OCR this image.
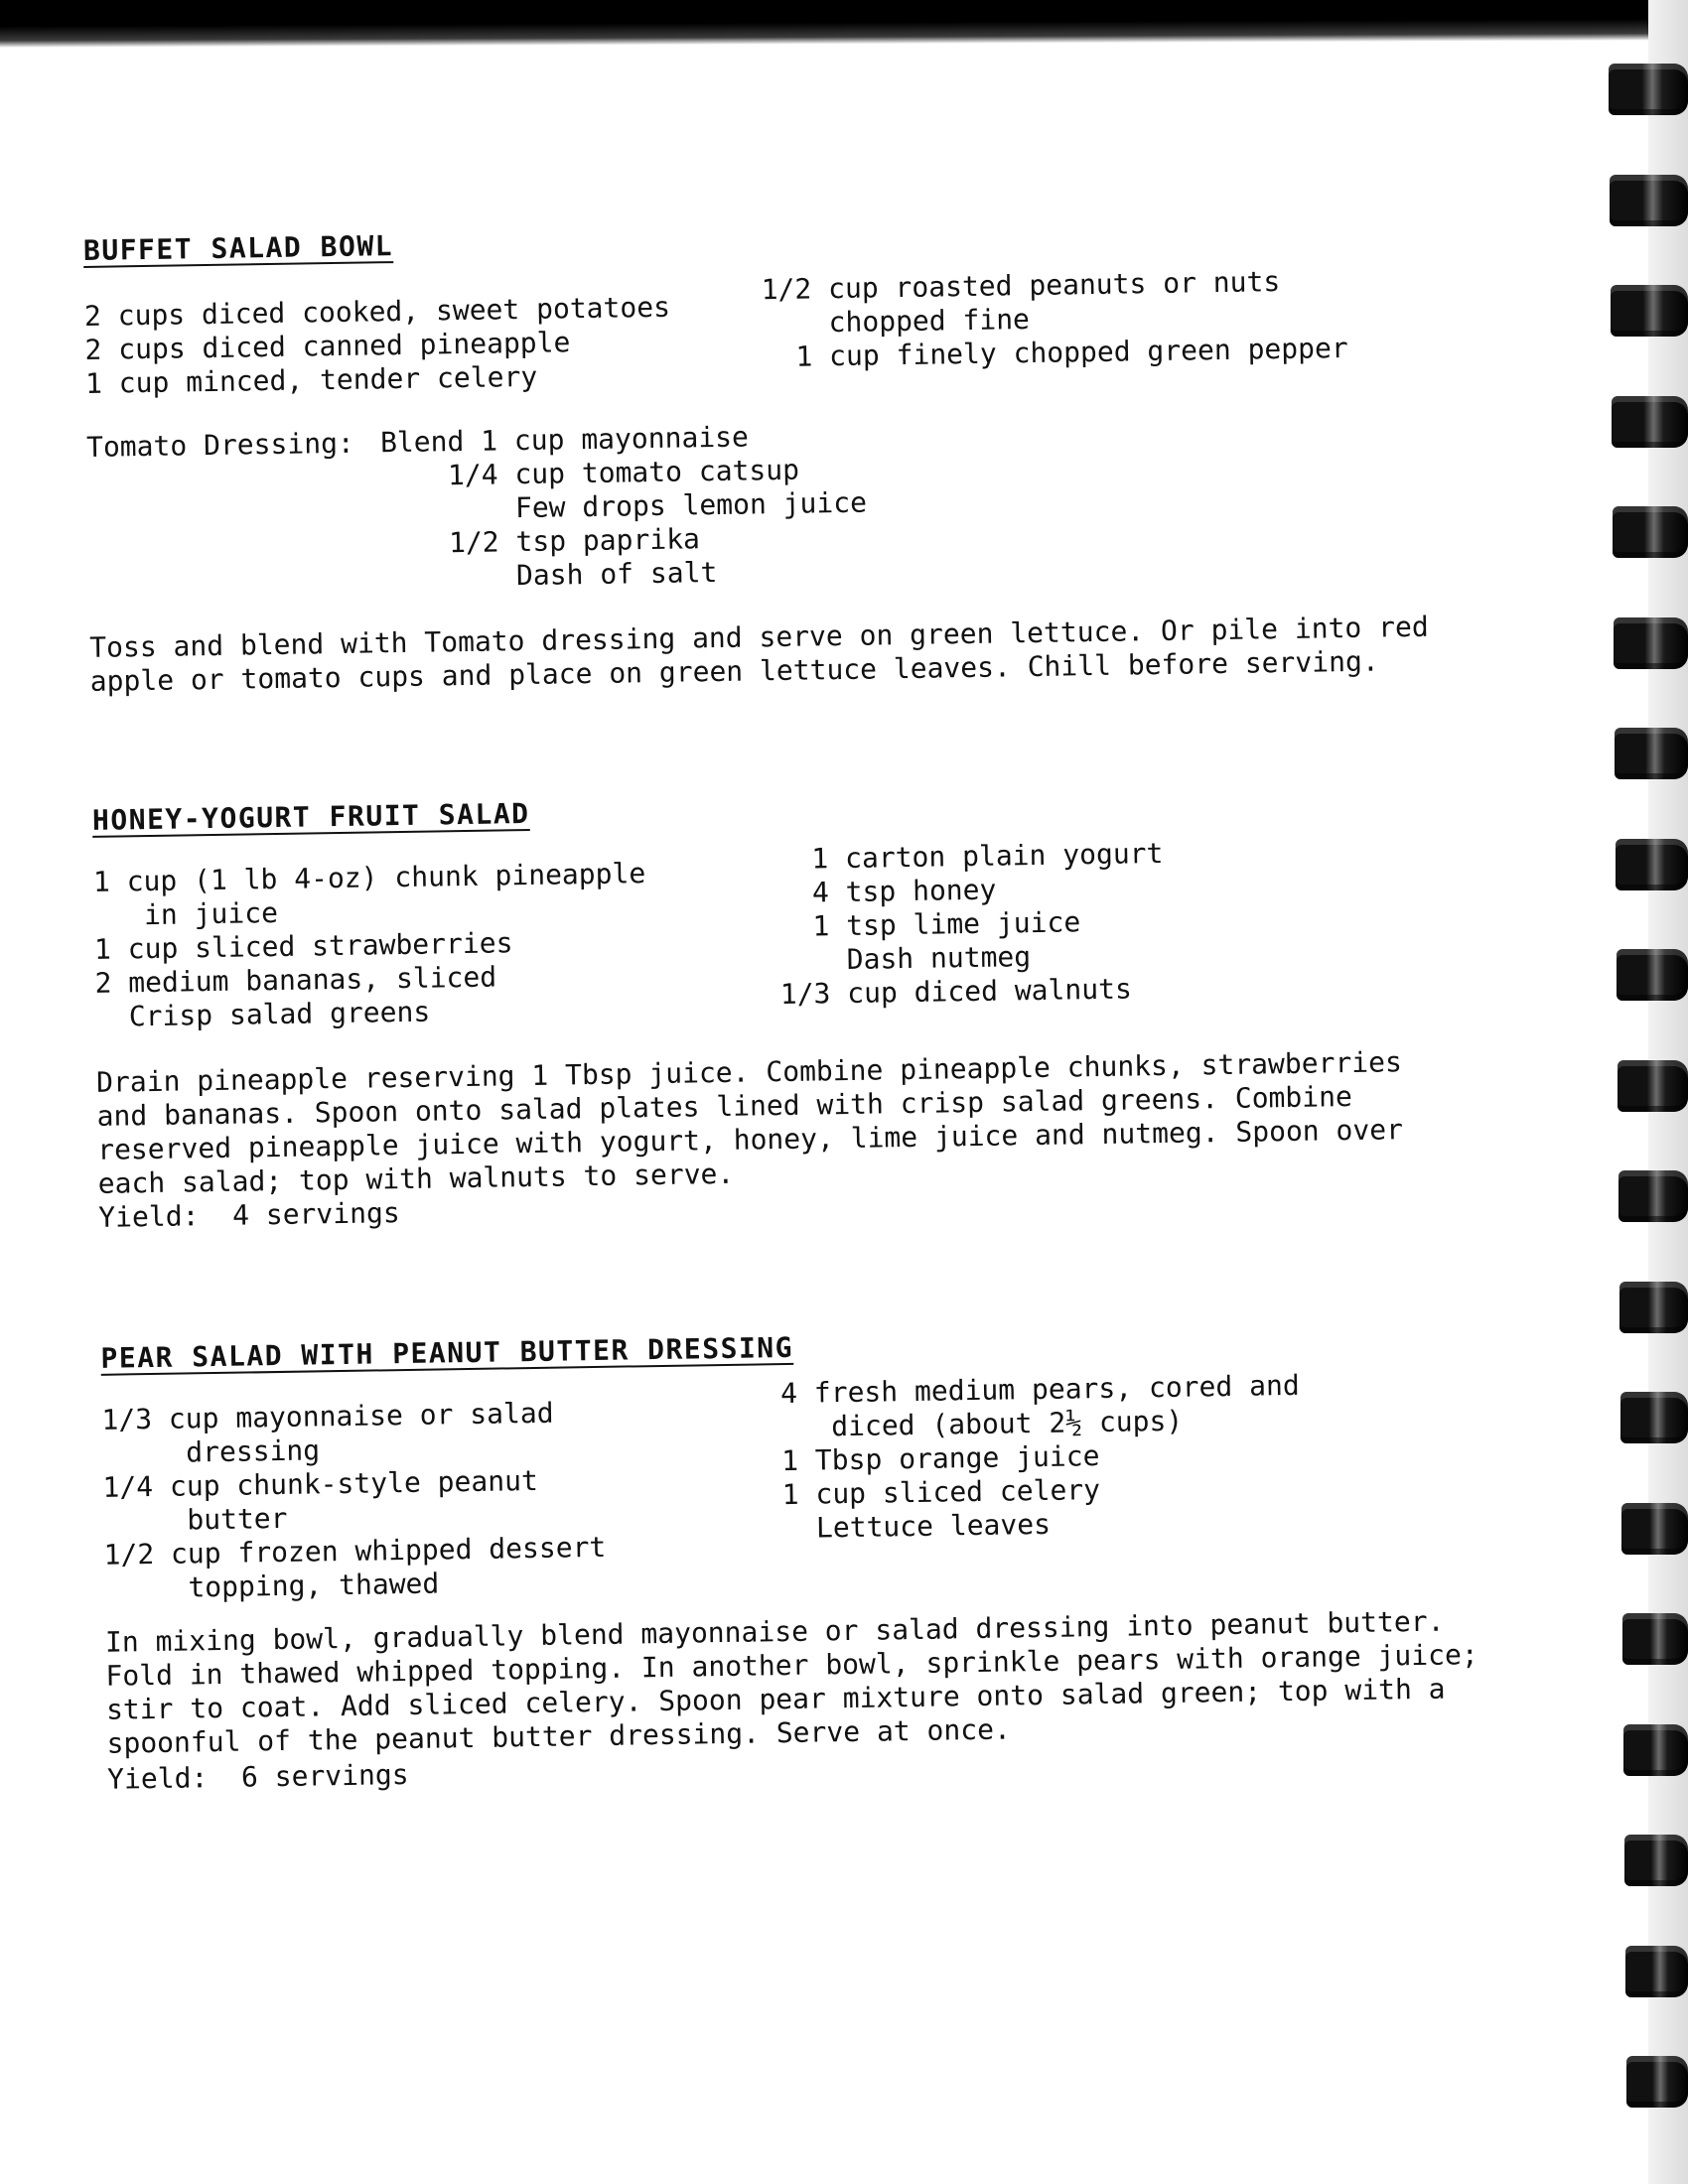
BUFFET SALAD BOWL
2 cups diced cooked, sweet potatoes
2 cups diced canned pineapple
1 cup minced, tender celery
1/2 cup roasted peanuts or nuts
chopped fine
1 cup finely chopped green pepper
Tomato Dressing: Blend 1 cup mayonnaise
1/4 cup tomato catsup
Few drops lemon juice
1/2 tsp paprika
Dash of salt

Toss and blend with Tomato dressing and serve on green lettuce. Or pile into red apple or tomato cups and place on green lettuce leaves. Chill before serving.

HONEY-YOGURT FRUIT SALAD
1 cup (1 lb 4-oz) chunk pineapple
in juice
1 cup sliced strawberries
2 medium bananas, sliced
Crisp salad greens
1 carton plain yogurt
4 tsp honey
1 tsp lime juice
Dash nutmeg
1/3 cup diced walnuts

Drain pineapple reserving 1 Tbsp juice. Combine pineapple chunks, strawberries and bananas. Spoon onto salad plates lined with crisp salad greens. Combine reserved pineapple juice with yogurt, honey, lime juice and nutmeg. Spoon over each salad; top with walnuts to serve.

Yield:  4 servings
PEAR SALAD WITH PEANUT BUTTER DRESSING
1/3 cup mayonnaise or salad
dressing
1/4 cup chunk-style peanut
butter
1/2 cup frozen whipped dessert
topping, thawed
4 fresh medium pears, cored and
diced (about 2½ cups)
1 Tbsp orange juice
1 cup sliced celery
Lettuce leaves

In mixing bowl, gradually blend mayonnaise or salad dressing into peanut butter. Fold in thawed whipped topping. In another bowl, sprinkle pears with orange juice; stir to coat. Add sliced celery. Spoon pear mixture onto salad green; top with a spoonful of the peanut butter dressing. Serve at once.

Yield:  6 servings
